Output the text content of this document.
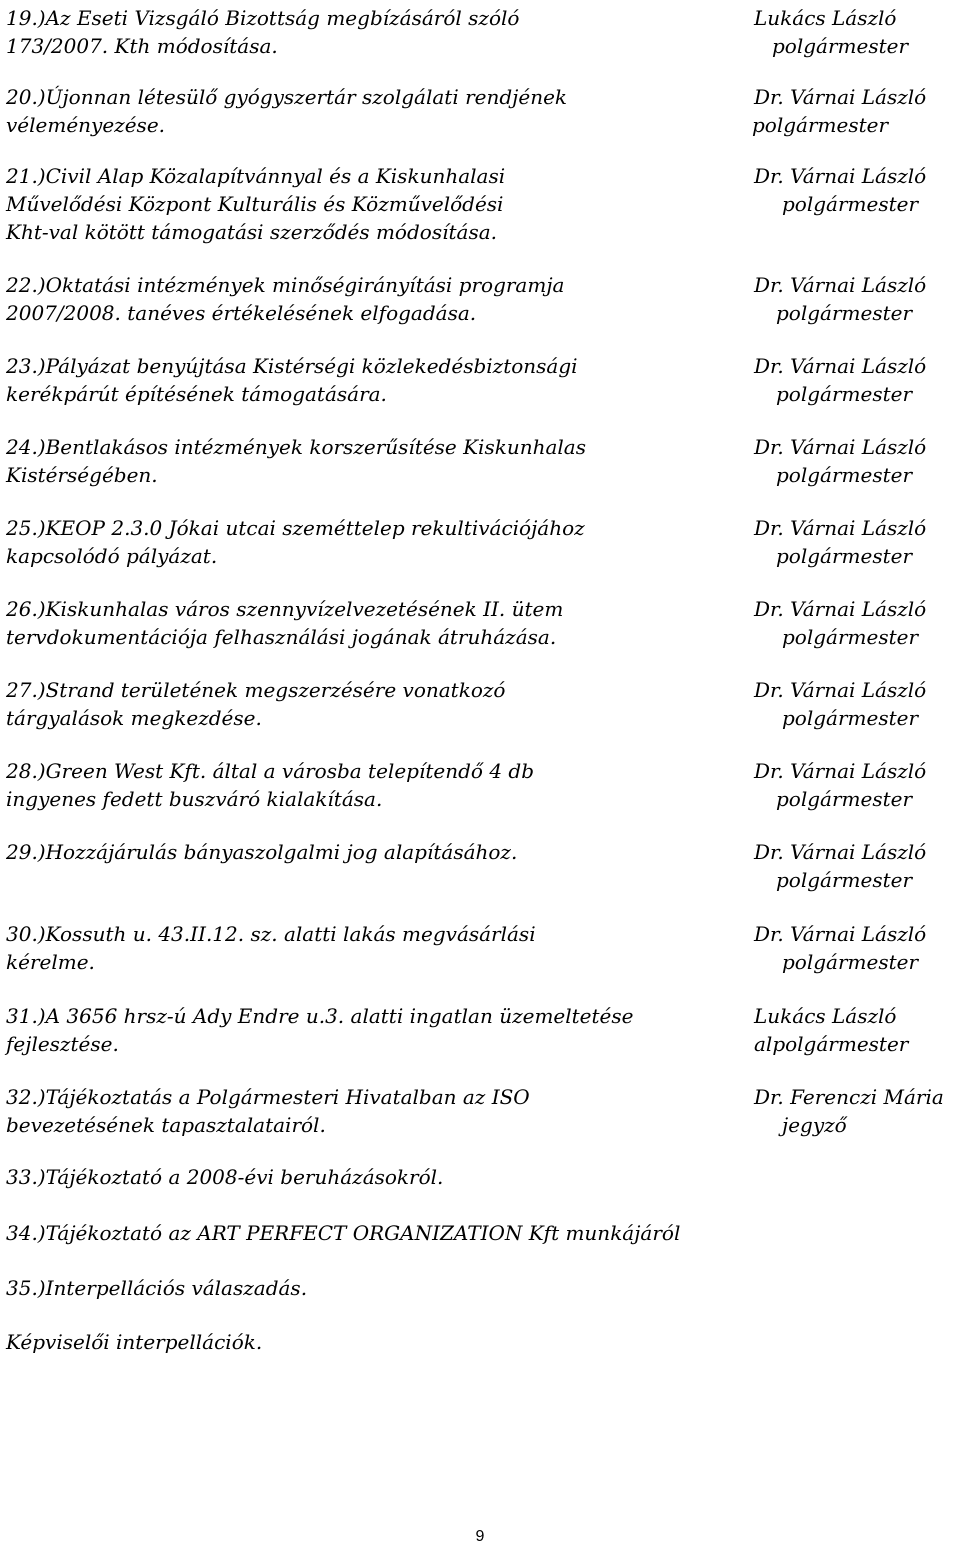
9
19.)Az Eseti Vizsgáló Bizottság megbízásáról szóló
173/2007. Kth módosítása.
Lukács László
polgármester
20.)Újonnan létesülő gyógyszertár szolgálati rendjének
véleményezése.
Dr. Várnai László
polgármester
21.)Civil Alap Közalapítvánnyal és a Kiskunhalasi
Művelődési Központ Kulturális és Közművelődési
Kht-val kötött támogatási szerződés módosítása.
Dr. Várnai László
polgármester
22.)Oktatási intézmények minőségirányítási programja
2007/2008. tanéves értékelésének elfogadása.
Dr. Várnai László
polgármester
23.)Pályázat benyújtása Kistérségi közlekedésbiztonsági
kerékpárút építésének támogatására.
Dr. Várnai László
polgármester
24.)Bentlakásos intézmények korszerűsítése Kiskunhalas
Kistérségében.
Dr. Várnai László
polgármester
25.)KEOP 2.3.0 Jókai utcai szeméttelep rekultivációjához
kapcsolódó pályázat.
Dr. Várnai László
polgármester
26.)Kiskunhalas város szennyvízelvezetésének II. ütem
tervdokumentációja felhasználási jogának átruházása.
Dr. Várnai László
polgármester
27.)Strand területének megszerzésére vonatkozó
tárgyalások megkezdése.
Dr. Várnai László
polgármester
28.)Green West Kft. által a városba telepítendő 4 db
ingyenes fedett buszváró kialakítása.
Dr. Várnai László
polgármester
29.)Hozzájárulás bányaszolgalmi jog alapításához.	Dr. Várnai László
polgármester
30.)Kossuth u. 43.II.12. sz. alatti lakás megvásárlási
kérelme.
Dr. Várnai László
polgármester
31.)A 3656 hrsz-ú Ady Endre u.3. alatti ingatlan üzemeltetése
fejlesztése.
Lukács László
alpolgármester
32.)Tájékoztatás a Polgármesteri Hivatalban az ISO
bevezetésének tapasztalatairól.
Dr. Ferenczi Mária
jegyző
33.)Tájékoztató a 2008-évi beruházásokról.
34.)Tájékoztató az ART PERFECT ORGANIZATION Kft munkájáról
35.)Interpellációs válaszadás.
Képviselői interpellációk.
